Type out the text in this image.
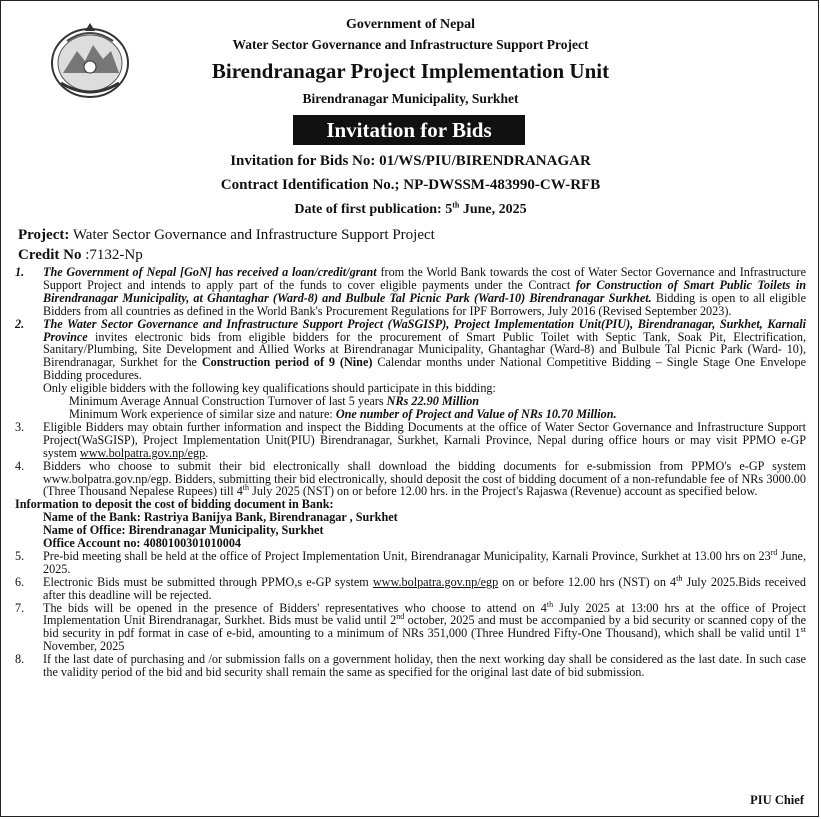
Government of Nepal
Water Sector Governance and Infrastructure Support Project
Birendranagar Project Implementation Unit
Birendranagar Municipality, Surkhet
Invitation for Bids
Invitation for Bids No: 01/WS/PIU/BIRENDRANAGAR
Contract Identification No.; NP-DWSSM-483990-CW-RFB
Date of first publication: 5th June, 2025
Project: Water Sector Governance and Infrastructure Support Project
Credit No :7132-Np
1.	The Government of Nepal [GoN] has received a loan/credit/grant from the World Bank towards the cost of Water Sector Governance and Infrastructure Support Project and intends to apply part of the funds to cover eligible payments under the Contract for Construction of Smart Public Toilets in Birendranagar Municipality, at Ghantaghar (Ward-8) and Bulbule Tal Picnic Park (Ward-10) Birendranagar Surkhet. Bidding is open to all eligible Bidders from all countries as defined in the World Bank's Procurement Regulations for IPF Borrowers, July 2016 (Revised September 2023).
2.	The Water Sector Governance and Infrastructure Support Project (WaSGISP), Project Implementation Unit(PIU), Birendranagar, Surkhet, Karnali Province invites electronic bids from eligible bidders for the procurement of Smart Public Toilet with Septic Tank, Soak Pit, Electrification, Sanitary/Plumbing, Site Development and Allied Works at Birendranagar Municipality, Ghantaghar (Ward-8) and Bulbule Tal Picnic Park (Ward- 10), Birendranagar, Surkhet for the Construction period of 9 (Nine) Calendar months under National Competitive Bidding – Single Stage One Envelope Bidding procedures.
Only eligible bidders with the following key qualifications should participate in this bidding:
Minimum Average Annual Construction Turnover of last 5 years NRs 22.90 Million
Minimum Work experience of similar size and nature: One number of Project and Value of NRs 10.70 Million.
3.	Eligible Bidders may obtain further information and inspect the Bidding Documents at the office of Water Sector Governance and Infrastructure Support Project(WaSGISP), Project Implementation Unit(PIU) Birendranagar, Surkhet, Karnali Province, Nepal during office hours or may visit PPMO e-GP system www.bolpatra.gov.np/egp.
4.	Bidders who choose to submit their bid electronically shall download the bidding documents for e-submission from PPMO's e-GP system www.bolpatra.gov.np/egp. Bidders, submitting their bid electronically, should deposit the cost of bidding document of a non-refundable fee of NRs 3000.00 (Three Thousand Nepalese Rupees) till 4th July 2025 (NST) on or before 12.00 hrs. in the Project's Rajaswa (Revenue) account as specified below.
Information to deposit the cost of bidding document in Bank:
Name of the Bank: Rastriya Banijya Bank, Birendranagar , Surkhet
Name of Office: Birendranagar Municipality, Surkhet
Office Account no: 4080100301010004
5.	Pre-bid meeting shall be held at the office of Project Implementation Unit, Birendranagar Municipality, Karnali Province, Surkhet at 13.00 hrs on 23rd June, 2025.
6.	Electronic Bids must be submitted through PPMO,s e-GP system www.bolpatra.gov.np/egp on or before 12.00 hrs (NST) on 4th July 2025.Bids received after this deadline will be rejected.
7.	The bids will be opened in the presence of Bidders' representatives who choose to attend on 4th July 2025 at 13:00 hrs at the office of Project Implementation Unit Birendranagar, Surkhet. Bids must be valid until 2nd october, 2025 and must be accompanied by a bid security or scanned copy of the bid security in pdf format in case of e-bid, amounting to a minimum of NRs 351,000 (Three Hundred Fifty-One Thousand), which shall be valid until 1st November, 2025
8.	If the last date of purchasing and /or submission falls on a government holiday, then the next working day shall be considered as the last date. In such case the validity period of the bid and bid security shall remain the same as specified for the original last date of bid submission.
PIU Chief
